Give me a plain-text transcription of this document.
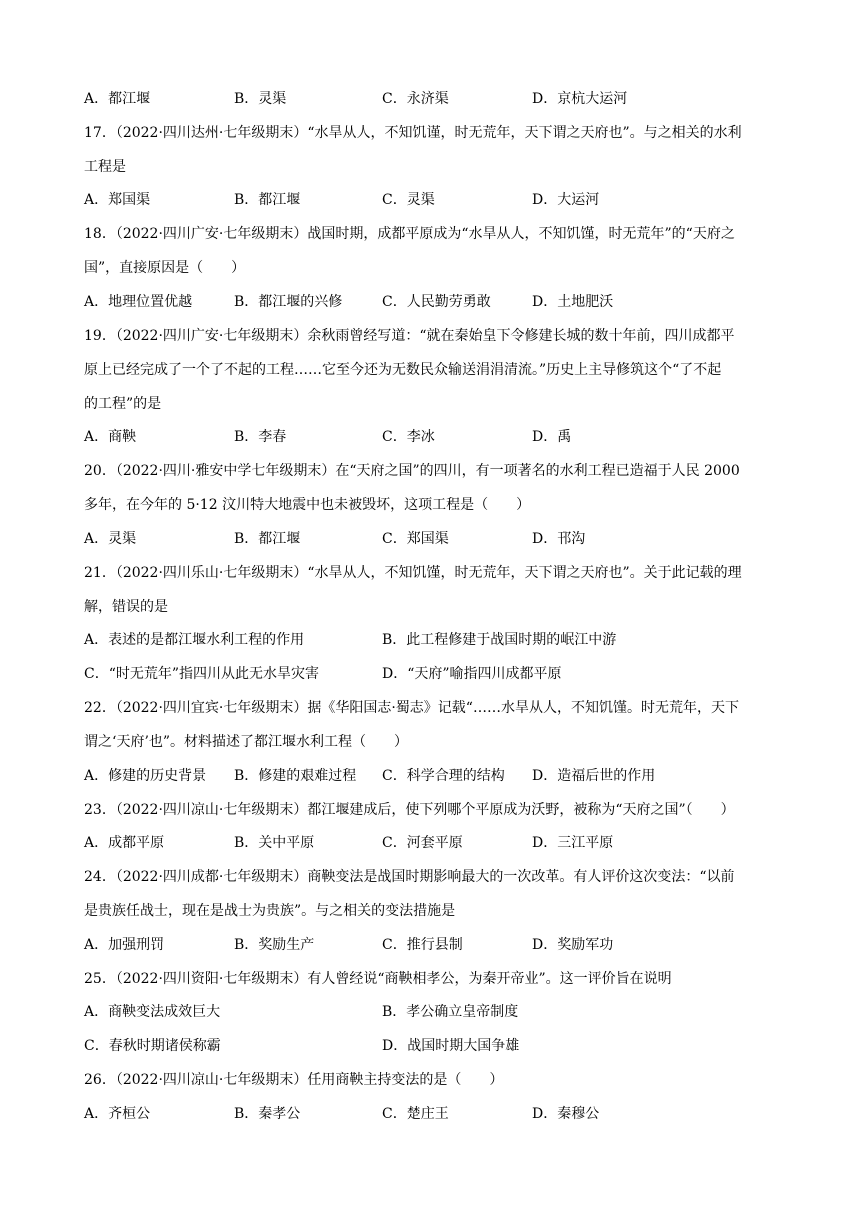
A．都江堰	B．灵渠	C．永济渠	D．京杭大运河
17．（2022·四川达州·七年级期末）“水旱从人，不知饥谨，时无荒年，天下谓之天府也”。与之相关的水利
工程是
A．郑国渠	B．都江堰	C．灵渠	D．大运河
18．（2022·四川广安·七年级期末）战国时期，成都平原成为“水旱从人，不知饥馑，时无荒年”的“天府之
国”，直接原因是（　　）
A．地理位置优越	B．都江堰的兴修	C．人民勤劳勇敢	D．土地肥沃
19．（2022·四川广安·七年级期末）余秋雨曾经写道：“就在秦始皇下令修建长城的数十年前，四川成都平
原上已经完成了一个了不起的工程……它至今还为无数民众输送涓涓清流。”历史上主导修筑这个“了不起
的工程”的是
A．商鞅	B．李春	C．李冰	D．禹
20．（2022·四川·雅安中学七年级期末）在“天府之国”的四川，有一项著名的水利工程已造福于人民 2000
多年，在今年的 5·12 汶川特大地震中也未被毁坏，这项工程是（　　）
A．灵渠	B．都江堰	C．郑国渠	D．邗沟
21．（2022·四川乐山·七年级期末）“水旱从人，不知饥馑，时无荒年，天下谓之天府也”。关于此记载的理
解，错误的是
A．表述的是都江堰水利工程的作用	B．此工程修建于战国时期的岷江中游
C．“时无荒年”指四川从此无水旱灾害	D．“天府”喻指四川成都平原
22．（2022·四川宜宾·七年级期末）据《华阳国志·蜀志》记载“……水旱从人，不知饥馑。时无荒年，天下
谓之‘天府’也”。材料描述了都江堰水利工程（　　）
A．修建的历史背景 B．修建的艰难过程 C．科学合理的结构 D．造福后世的作用
23．（2022·四川凉山·七年级期末）都江堰建成后，使下列哪个平原成为沃野，被称为“天府之国”（　　）
A．成都平原	B．关中平原	C．河套平原	D．三江平原
24．（2022·四川成都·七年级期末）商鞅变法是战国时期影响最大的一次改革。有人评价这次变法：“以前
是贵族任战士，现在是战士为贵族”。与之相关的变法措施是
A．加强刑罚	B．奖励生产	C．推行县制	D．奖励军功
25．（2022·四川资阳·七年级期末）有人曾经说“商鞅相孝公，为秦开帝业”。这一评价旨在说明
A．商鞅变法成效巨大	B．孝公确立皇帝制度
C．春秋时期诸侯称霸	D．战国时期大国争雄
26．（2022·四川凉山·七年级期末）任用商鞅主持变法的是（　　）
A．齐桓公	B．秦孝公	C．楚庄王	D．秦穆公
